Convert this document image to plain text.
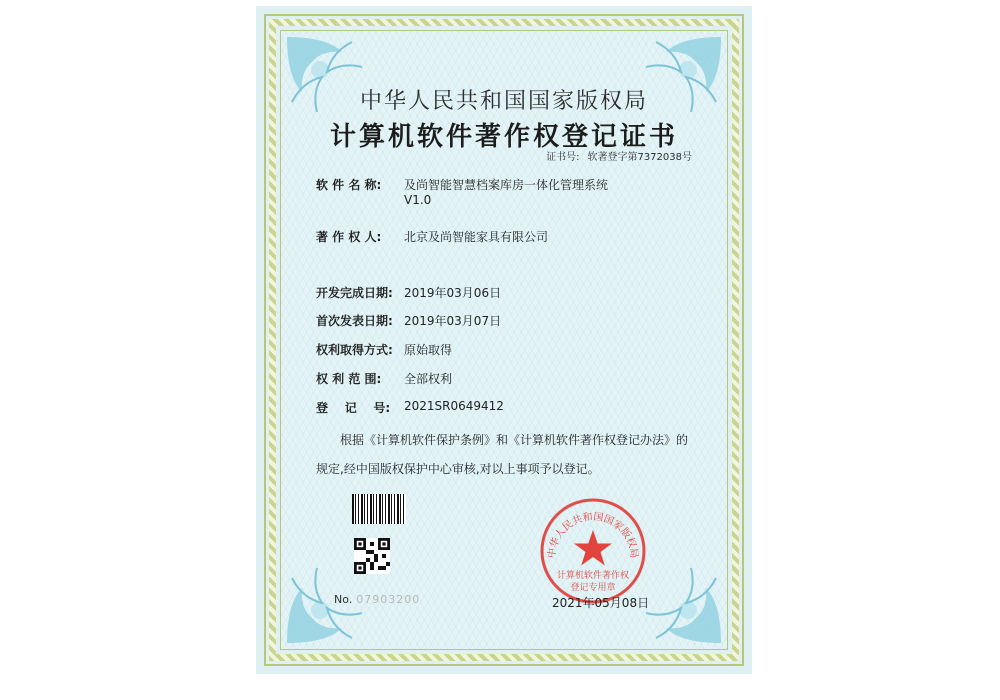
中华人民共和国国家版权局
计算机软件著作权登记证书
证书号: 软著登字第7372038号
软 件 名 称:	及尚智能智慧档案库房一体化管理系统
V1.0
著 作 权 人:	北京及尚智能家具有限公司
开发完成日期: 2019年03月06日
首次发表日期: 2019年03月07日
权利取得方式: 原始取得
权 利 范 围:	全部权利
登    记    号:	2021SR0649412
根据《计算机软件保护条例》和《计算机软件著作权登记办法》的
规定,经中国版权保护中心审核,对以上事项予以登记。
No. 07903200
中华人民共和国国家版权局
计算机软件著作权
登记专用章
2021年05月08日
